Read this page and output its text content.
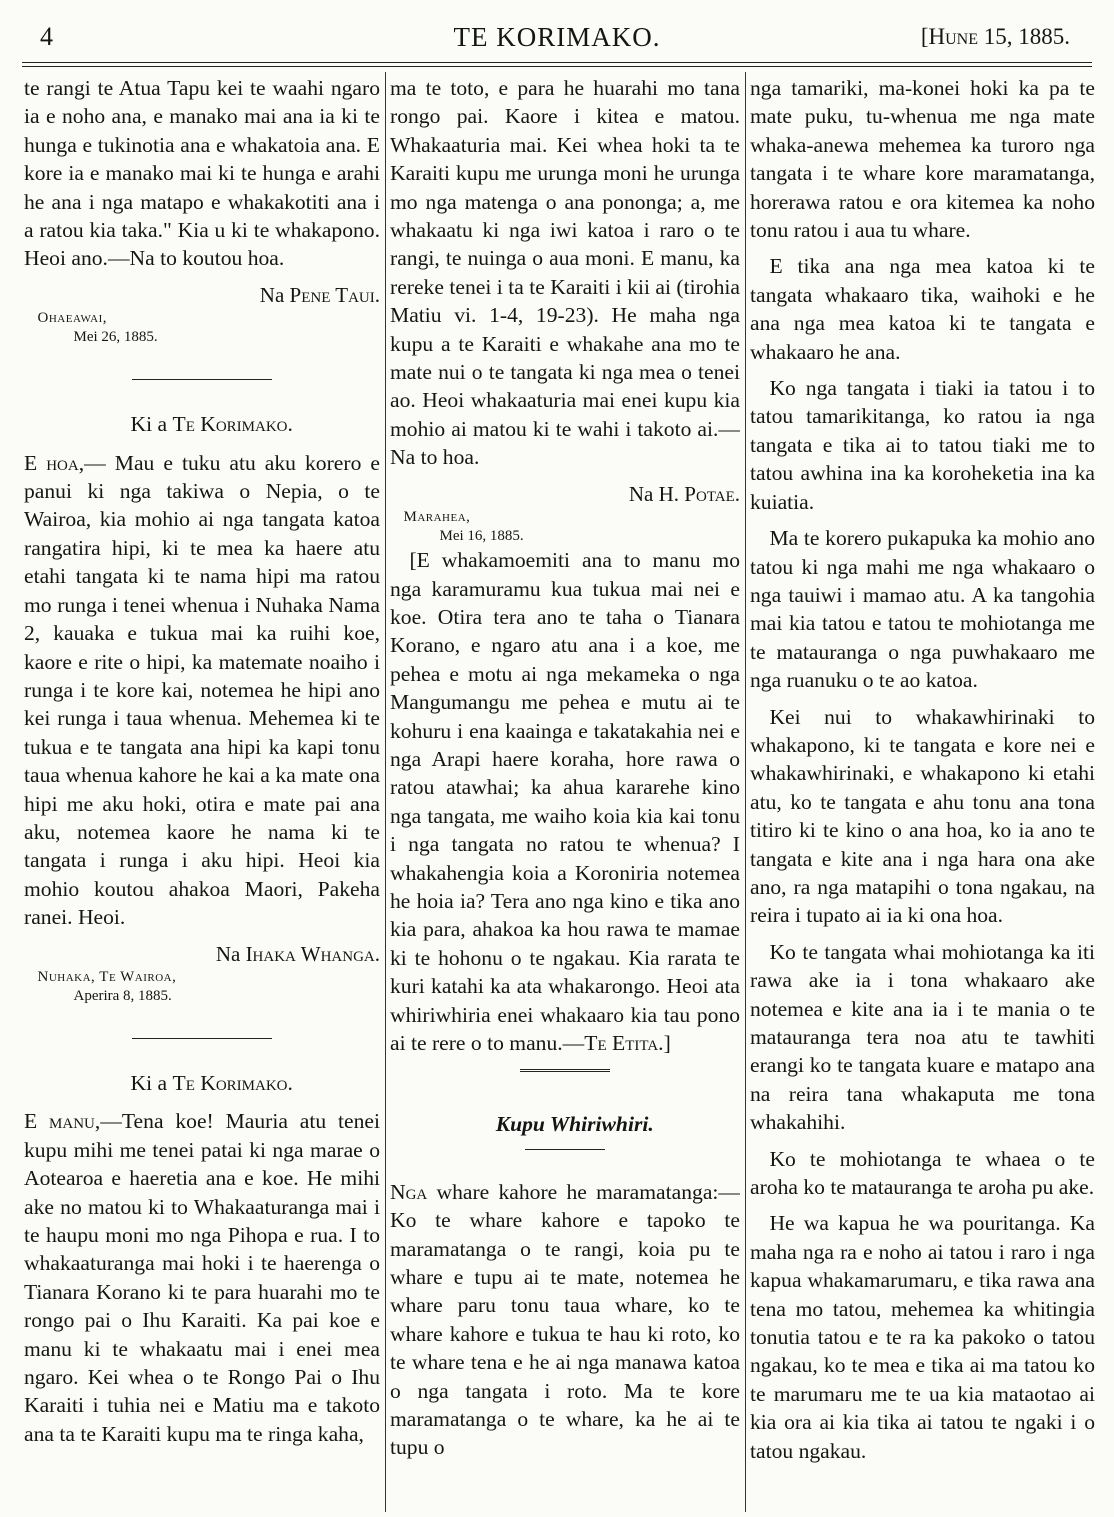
4	TE KORIMAKO.	[Hune 15, 1885.

te rangi te Atua Tapu kei te waahi ngaro ia e noho ana, e manako mai ana ia ki te hunga e tukinotia ana e whakatoia ana. E kore ia e manako mai ki te hunga e arahi he ana i nga matapo e whakakotiti ana i a ratou kia taka." Kia u ki te whakapono. Heoi ano.—Na to koutou hoa.

Na Pene Taui.

Ohaeawai,

Mei 26, 1885.

Ki a Te Korimako.

E hoa,— Mau e tuku atu aku korero e panui ki nga takiwa o Nepia, o te Wairoa, kia mohio ai nga tangata katoa rangatira hipi, ki te mea ka haere atu etahi tangata ki te nama hipi ma ratou mo runga i tenei whenua i Nuhaka Nama 2, kauaka e tukua mai ka ruihi koe, kaore e rite o hipi, ka matemate noaiho i runga i te kore kai, notemea he hipi ano kei runga i taua whenua. Mehemea ki te tukua e te tangata ana hipi ka kapi tonu taua whenua kahore he kai a ka mate ona hipi me aku hoki, otira e mate pai ana aku, notemea kaore he nama ki te tangata i runga i aku hipi. Heoi kia mohio koutou ahakoa Maori, Pakeha ranei. Heoi.

Na Ihaka Whanga.

Nuhaka, Te Wairoa,

Aperira 8, 1885.

Ki a Te Korimako.

E manu,—Tena koe! Mauria atu tenei kupu mihi me tenei patai ki nga marae o Aotearoa e haeretia ana e koe. He mihi ake no matou ki to Whakaaturanga mai i te haupu moni mo nga Pihopa e rua. I to whakaaturanga mai hoki i te haerenga o Tianara Korano ki te para huarahi mo te rongo pai o Ihu Karaiti. Ka pai koe e manu ki te whakaatu mai i enei mea ngaro. Kei whea o te Rongo Pai o Ihu Karaiti i tuhia nei e Matiu ma e takoto ana ta te Karaiti kupu ma te ringa kaha,

ma te toto, e para he huarahi mo tana rongo pai. Kaore i kitea e matou. Whakaaturia mai. Kei whea hoki ta te Karaiti kupu me urunga moni he urunga mo nga matenga o ana pononga; a, me whakaatu ki nga iwi katoa i raro o te rangi, te nuinga o aua moni. E manu, ka rereke tenei i ta te Karaiti i kii ai (tirohia Matiu vi. 1-4, 19-23). He maha nga kupu a te Karaiti e whakahe ana mo te mate nui o te tangata ki nga mea o tenei ao. Heoi whakaaturia mai enei kupu kia mohio ai matou ki te wahi i takoto ai.—Na to hoa.

Na H. Potae.

Marahea,

Mei 16, 1885.

[E whakamoemiti ana to manu mo nga karamuramu kua tukua mai nei e koe. Otira tera ano te taha o Tianara Korano, e ngaro atu ana i a koe, me pehea e motu ai nga mekameka o nga Mangumangu me pehea e mutu ai te kohuru i ena kaainga e takatakahia nei e nga Arapi haere koraha, hore rawa o ratou atawhai; ka ahua kararehe kino nga tangata, me waiho koia kia kai tonu i nga tangata no ratou te whenua? I whakahengia koia a Koroniria notemea he hoia ia? Tera ano nga kino e tika ano kia para, ahakoa ka hou rawa te mamae ki te hohonu o te ngakau. Kia rarata te kuri katahi ka ata whakarongo. Heoi ata whiriwhiria enei whakaaro kia tau pono ai te rere o to manu.—Te Etita.]

Kupu Whiriwhiri.

Nga whare kahore he maramatanga:—Ko te whare kahore e tapoko te maramatanga o te rangi, koia pu te whare e tupu ai te mate, notemea he whare paru tonu taua whare, ko te whare kahore e tukua te hau ki roto, ko te whare tena e he ai nga manawa katoa o nga tangata i roto. Ma te kore maramatanga o te whare, ka he ai te tupu o

nga tamariki, ma-konei hoki ka pa te mate puku, tu-whenua me nga mate whaka-anewa mehemea ka turoro nga tangata i te whare kore maramatanga, horerawa ratou e ora kitemea ka noho tonu ratou i aua tu whare.

E tika ana nga mea katoa ki te tangata whakaaro tika, waihoki e he ana nga mea katoa ki te tangata e whakaaro he ana.

Ko nga tangata i tiaki ia tatou i to tatou tamarikitanga, ko ratou ia nga tangata e tika ai to tatou tiaki me to tatou awhina ina ka koroheketia ina ka kuiatia.

Ma te korero pukapuka ka mohio ano tatou ki nga mahi me nga whakaaro o nga tauiwi i mamao atu. A ka tangohia mai kia tatou e tatou te mohiotanga me te matauranga o nga puwhakaaro me nga ruanuku o te ao katoa.

Kei nui to whakawhirinaki to whakapono, ki te tangata e kore nei e whakawhirinaki, e whakapono ki etahi atu, ko te tangata e ahu tonu ana tona titiro ki te kino o ana hoa, ko ia ano te tangata e kite ana i nga hara ona ake ano, ra nga matapihi o tona ngakau, na reira i tupato ai ia ki ona hoa.

Ko te tangata whai mohiotanga ka iti rawa ake ia i tona whakaaro ake notemea e kite ana ia i te mania o te matauranga tera noa atu te tawhiti erangi ko te tangata kuare e matapo ana na reira tana whakaputa me tona whakahihi.

Ko te mohiotanga te whaea o te aroha ko te matauranga te aroha pu ake.

He wa kapua he wa pouritanga. Ka maha nga ra e noho ai tatou i raro i nga kapua whakamarumaru, e tika rawa ana tena mo tatou, mehemea ka whitingia tonutia tatou e te ra ka pakoko o tatou ngakau, ko te mea e tika ai ma tatou ko te marumaru me te ua kia mataotao ai kia ora ai kia tika ai tatou te ngaki i o tatou ngakau.
